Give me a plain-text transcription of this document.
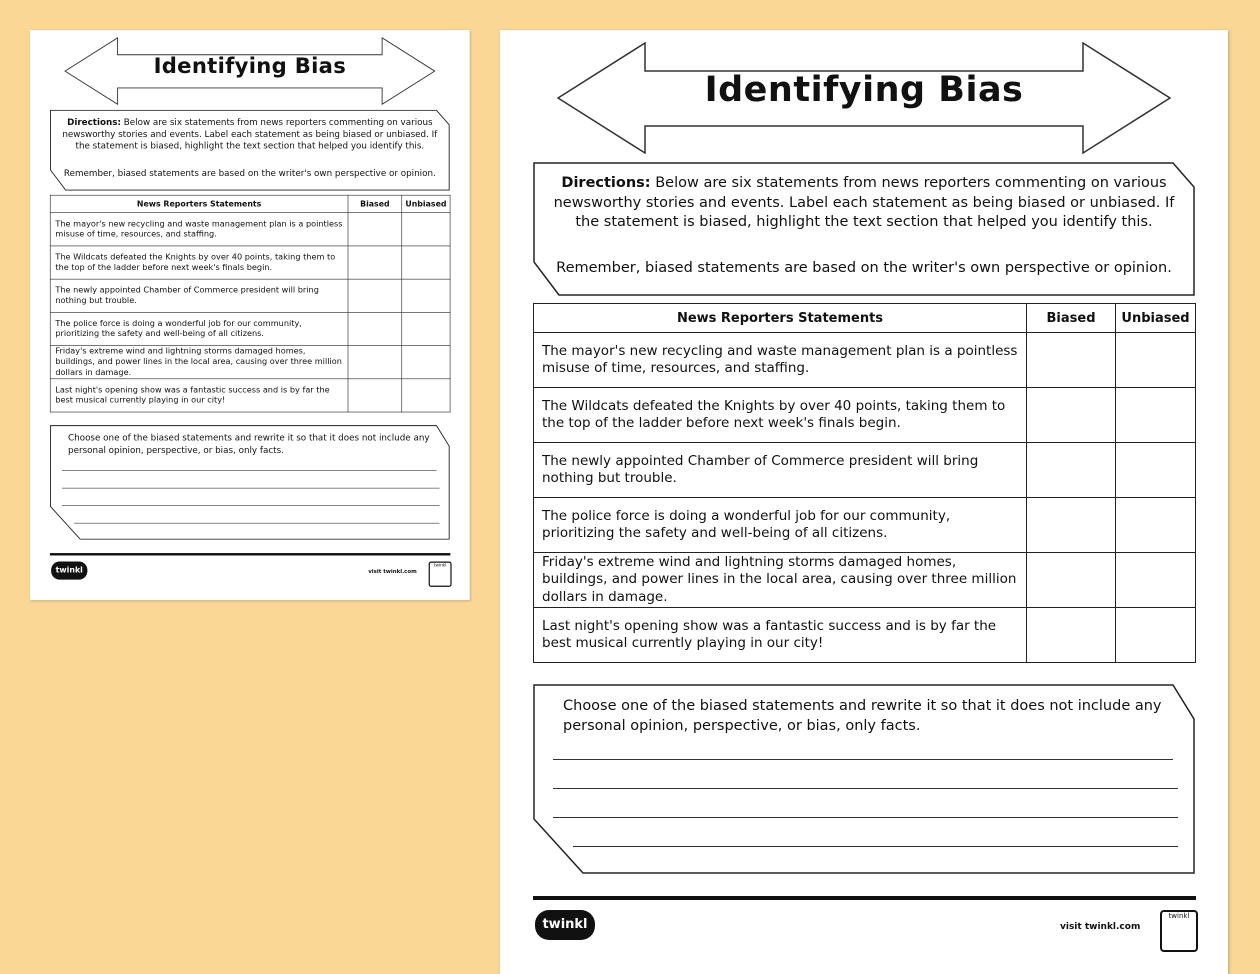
Identifying Bias
Directions: Below are six statements from news reporters commenting on various newsworthy stories and events. Label each statement as being biased or unbiased. If the statement is biased, highlight the text section that helped you identify this.
Remember, biased statements are based on the writer's own perspective or opinion.
News Reporters Statements	Biased	Unbiased
The mayor's new recycling and waste management plan is a pointless misuse of time, resources, and staffing.		
The Wildcats defeated the Knights by over 40 points, taking them to the top of the ladder before next week's finals begin.		
The newly appointed Chamber of Commerce president will bring nothing but trouble.		
The police force is doing a wonderful job for our community, prioritizing the safety and well-being of all citizens.		
Friday's extreme wind and lightning storms damaged homes, buildings, and power lines in the local area, causing over three million dollars in damage.		
Last night's opening show was a fantastic success and is by far the best musical currently playing in our city!		
Choose one of the biased statements and rewrite it so that it does not include any personal opinion, perspective, or bias, only facts.
twinkl	visit twinkl.com
twinkl
Identifying Bias
Directions: Below are six statements from news reporters commenting on various newsworthy stories and events. Label each statement as being biased or unbiased. If the statement is biased, highlight the text section that helped you identify this.
Remember, biased statements are based on the writer's own perspective or opinion.
News Reporters Statements	Biased	Unbiased
The mayor's new recycling and waste management plan is a pointless misuse of time, resources, and staffing.		
The Wildcats defeated the Knights by over 40 points, taking them to the top of the ladder before next week's finals begin.		
The newly appointed Chamber of Commerce president will bring nothing but trouble.		
The police force is doing a wonderful job for our community, prioritizing the safety and well-being of all citizens.		
Friday's extreme wind and lightning storms damaged homes, buildings, and power lines in the local area, causing over three million dollars in damage.		
Last night's opening show was a fantastic success and is by far the best musical currently playing in our city!		
Choose one of the biased statements and rewrite it so that it does not include any personal opinion, perspective, or bias, only facts.
twinkl	visit twinkl.com
twinkl
